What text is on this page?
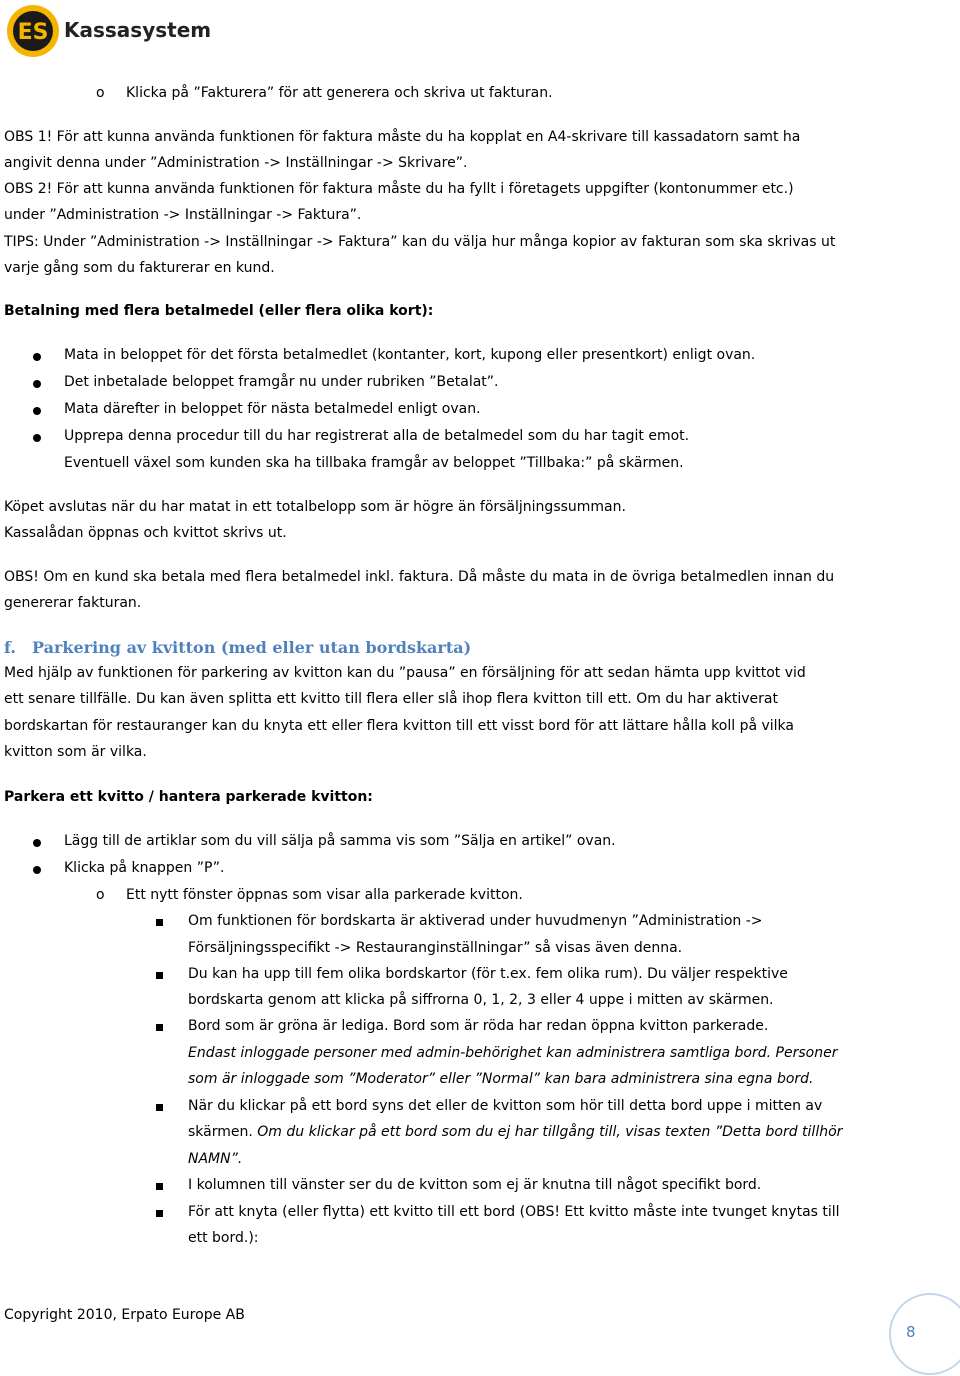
ES Kassasystem
o Klicka på ”Fakturera” för att generera och skriva ut fakturan.
OBS 1! För att kunna använda funktionen för faktura måste du ha kopplat en A4-skrivare till kassadatorn samt ha
angivit denna under ”Administration -> Inställningar -> Skrivare”.
OBS 2! För att kunna använda funktionen för faktura måste du ha fyllt i företagets uppgifter (kontonummer etc.)
under ”Administration -> Inställningar -> Faktura”.
TIPS: Under ”Administration -> Inställningar -> Faktura” kan du välja hur många kopior av fakturan som ska skrivas ut
varje gång som du fakturerar en kund.
Betalning med flera betalmedel (eller flera olika kort):
Mata in beloppet för det första betalmedlet (kontanter, kort, kupong eller presentkort) enligt ovan.
Det inbetalade beloppet framgår nu under rubriken ”Betalat”.
Mata därefter in beloppet för nästa betalmedel enligt ovan.
Upprepa denna procedur till du har registrerat alla de betalmedel som du har tagit emot.
Eventuell växel som kunden ska ha tillbaka framgår av beloppet ”Tillbaka:” på skärmen.
Köpet avslutas när du har matat in ett totalbelopp som är högre än försäljningssumman.
Kassalådan öppnas och kvittot skrivs ut.
OBS! Om en kund ska betala med flera betalmedel inkl. faktura. Då måste du mata in de övriga betalmedlen innan du
genererar fakturan.
f. Parkering av kvitton (med eller utan bordskarta)
Med hjälp av funktionen för parkering av kvitton kan du ”pausa” en försäljning för att sedan hämta upp kvittot vid
ett senare tillfälle. Du kan även splitta ett kvitto till flera eller slå ihop flera kvitton till ett. Om du har aktiverat
bordskartan för restauranger kan du knyta ett eller flera kvitton till ett visst bord för att lättare hålla koll på vilka
kvitton som är vilka.
Parkera ett kvitto / hantera parkerade kvitton:
Lägg till de artiklar som du vill sälja på samma vis som ”Sälja en artikel” ovan.
Klicka på knappen ”P”.
o Ett nytt fönster öppnas som visar alla parkerade kvitton.
Om funktionen för bordskarta är aktiverad under huvudmenyn ”Administration ->
Försäljningsspecifikt -> Restauranginställningar” så visas även denna.
Du kan ha upp till fem olika bordskartor (för t.ex. fem olika rum). Du väljer respektive
bordskarta genom att klicka på siffrorna 0, 1, 2, 3 eller 4 uppe i mitten av skärmen.
Bord som är gröna är lediga. Bord som är röda har redan öppna kvitton parkerade.
Endast inloggade personer med admin-behörighet kan administrera samtliga bord. Personer
som är inloggade som ”Moderator” eller ”Normal” kan bara administrera sina egna bord.
När du klickar på ett bord syns det eller de kvitton som hör till detta bord uppe i mitten av
skärmen. Om du klickar på ett bord som du ej har tillgång till, visas texten ”Detta bord tillhör
NAMN”.
I kolumnen till vänster ser du de kvitton som ej är knutna till något specifikt bord.
För att knyta (eller flytta) ett kvitto till ett bord (OBS! Ett kvitto måste inte tvunget knytas till
ett bord.):
Copyright 2010, Erpato Europe AB
8
